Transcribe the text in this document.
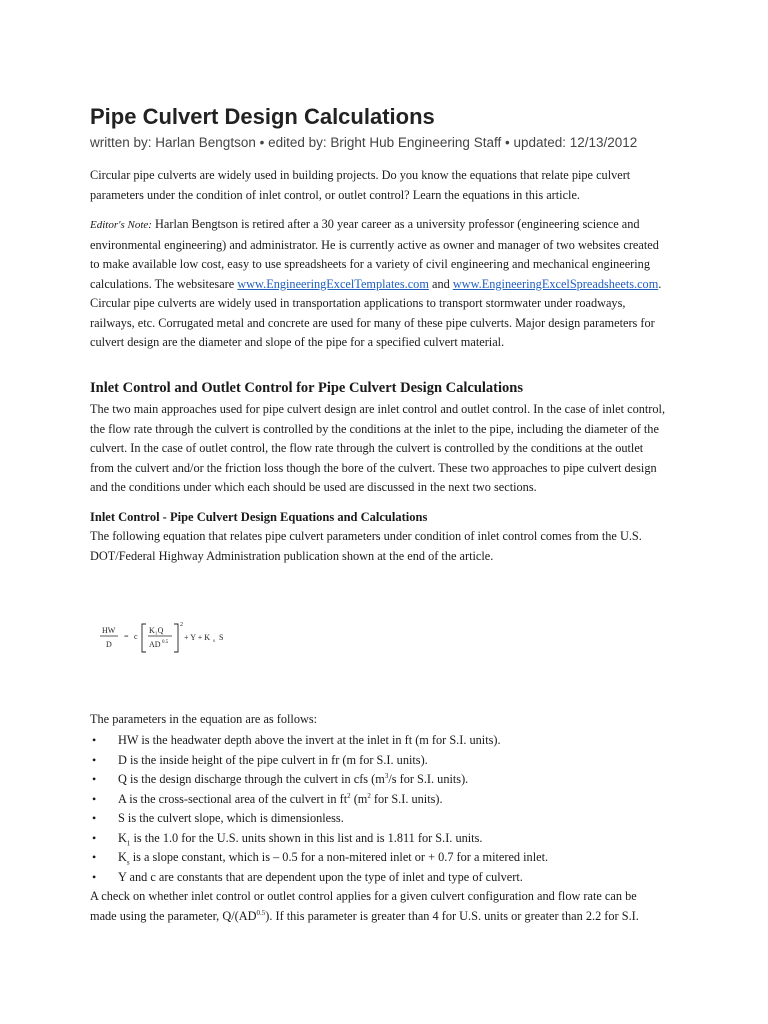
Pipe Culvert Design Calculations
written by: Harlan Bengtson • edited by: Bright Hub Engineering Staff • updated: 12/13/2012

Circular pipe culverts are widely used in building projects. Do you know the equations that relate pipe culvert
parameters under the condition of inlet control, or outlet control? Learn the equations in this article.

Editor's Note: Harlan Bengtson is retired after a 30 year career as a university professor (engineering science and
environmental engineering) and administrator. He is currently active as owner and manager of two websites created
to make available low cost, easy to use spreadsheets for a variety of civil engineering and mechanical engineering
calculations. The websitesare www.EngineeringExcelTemplates.com and www.EngineeringExcelSpreadsheets.com.
Circular pipe culverts are widely used in transportation applications to transport stormwater under roadways,
railways, etc. Corrugated metal and concrete are used for many of these pipe culverts. Major design parameters for
culvert design are the diameter and slope of the pipe for a specified culvert material.

Inlet Control and Outlet Control for Pipe Culvert Design Calculations

The two main approaches used for pipe culvert design are inlet control and outlet control. In the case of inlet control,
the flow rate through the culvert is controlled by the conditions at the inlet to the pipe, including the diameter of the
culvert. In the case of outlet control, the flow rate through the culvert is controlled by the conditions at the outlet
from the culvert and/or the friction loss though the bore of the culvert. These two approaches to pipe culvert design
and the conditions under which each should be used are discussed in the next two sections.

Inlet Control - Pipe Culvert Design Equations and Calculations

The following equation that relates pipe culvert parameters under condition of inlet control comes from the U.S.
DOT/Federal Highway Administration publication shown at the end of the article.

HW
D
= c
K₁Q
AD 0.5
2
+ Y + K s S

The parameters in the equation are as follows:

• HW is the headwater depth above the invert at the inlet in ft (m for S.I. units).
• D is the inside height of the pipe culvert in fr (m for S.I. units).
• Q is the design discharge through the culvert in cfs ($m^3/s$ for S.I. units).
• A is the cross-sectional area of the culvert in $ft^2$ ($m^2$ for S.I. units).
• S is the culvert slope, which is dimensionless.
• $K_1$ is the 1.0 for the U.S. units shown in this list and is 1.811 for S.I. units.
• $K_s$ is a slope constant, which is – 0.5 for a non-mitered inlet or + 0.7 for a mitered inlet.
• Y and c are constants that are dependent upon the type of inlet and type of culvert.

A check on whether inlet control or outlet control applies for a given culvert configuration and flow rate can be
made using the parameter, $Q/(AD^{0.5})$. If this parameter is greater than 4 for U.S. units or greater than 2.2 for S.I.
